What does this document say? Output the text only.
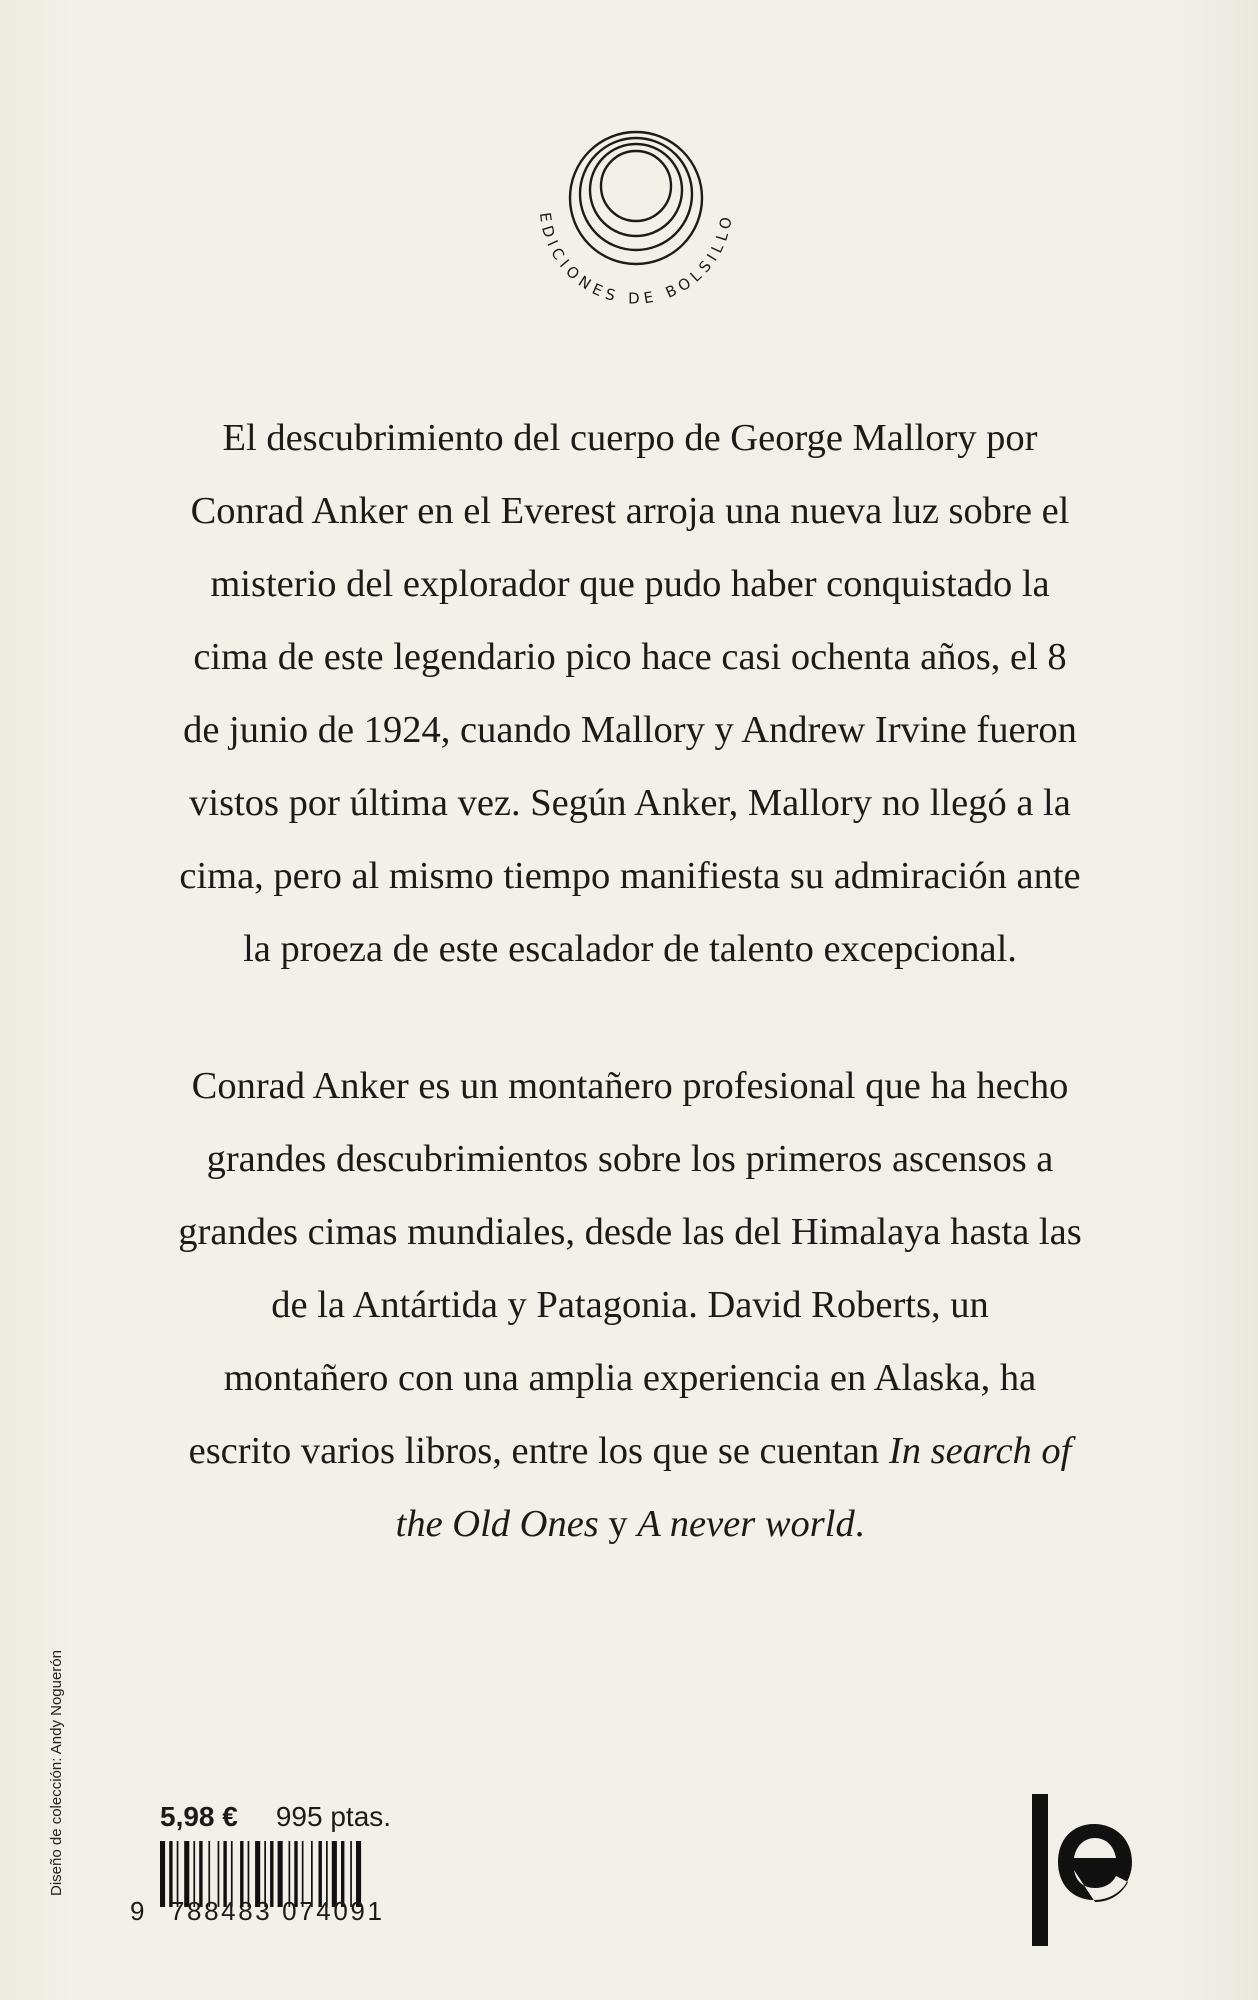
EDICIONES DE BOLSILLO

El descubrimiento del cuerpo de George Mallory por
Conrad Anker en el Everest arroja una nueva luz sobre el
misterio del explorador que pudo haber conquistado la
cima de este legendario pico hace casi ochenta años, el 8
de junio de 1924, cuando Mallory y Andrew Irvine fueron
vistos por última vez. Según Anker, Mallory no llegó a la
cima, pero al mismo tiempo manifiesta su admiración ante
la proeza de este escalador de talento excepcional.

Conrad Anker es un montañero profesional que ha hecho
grandes descubrimientos sobre los primeros ascensos a
grandes cimas mundiales, desde las del Himalaya hasta las
de la Antártida y Patagonia. David Roberts, un
montañero con una amplia experiencia en Alaska, ha
escrito varios libros, entre los que se cuentan In search of
the Old Ones y A never world.

Diseño de colección: Andy Noguerón	5,98 € 995 ptas.
9 788483 074091
